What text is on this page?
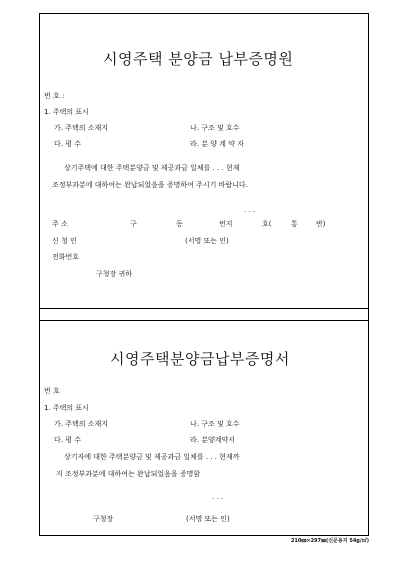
시영주택 분양금 납부증명원
번 호 :
1. 주택의 표시
가. 주택의 소재지	나. 구조 및 호수
다. 평 수	라. 분 양 계 약 자
상기주택에 대한 주택분양금 및 제공과금 일체를 . . . 현재
조정부과분에 대하여는 완납되었음을 증명하여 주시기 바랍니다.
. . .
주 소	구	동	번지	호(	통	반)
신 청 인	(서명 또는 인)
전화번호
구청장 귀하
시영주택분양금납부증명서
번 호
1. 주택의 표시
가. 주택의 소재지	나. 구조 및 호수
다. 평 수	라. 분양계약서
상기자에 대한 주택분양금 및 제공과금 일체를 . . . 현재까
지 조정부과분에 대하여는 완납되었음을 증명함
. . .
구청장	(서명 또는 인)
210㎜×297㎜(신문용지 54g/㎡)
